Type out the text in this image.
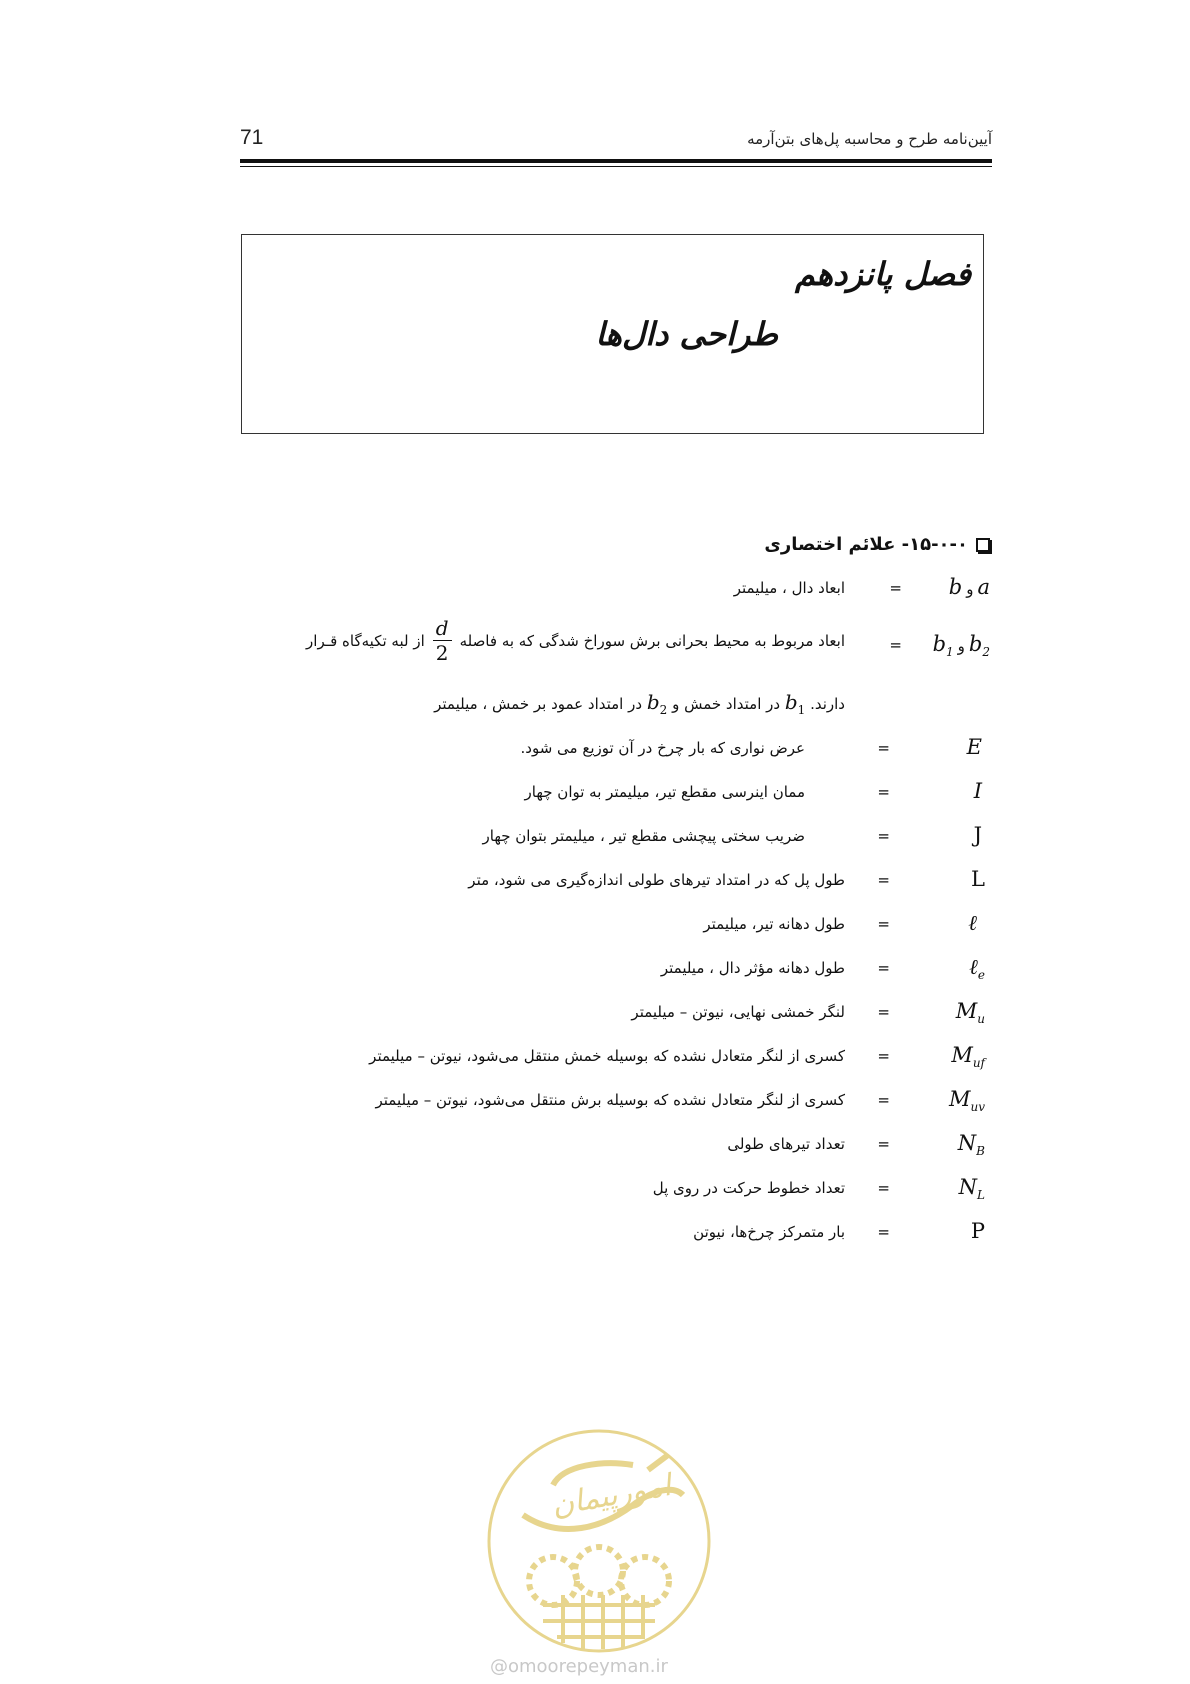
71	آیین‌نامه طرح و محاسبه پل‌های بتن‌آرمه
فصل پانزدهم
طراحی دال‌ها
۱۵-۰-۰- علائم اختصاری
b و a
=
ابعاد دال ، میلیمتر
$b_1$ و $b_2$
=
ابعاد مربوط به محیط بحرانی برش سوراخ شدگی که به فاصله
$\frac{d}{2}$
از لبه تکیه‌گاه قـرار
دارند. $b_1$ در امتداد خمش و $b_2$ در امتداد عمود بر خمش ، میلیمتر
E
=
عرض نواری که بار چرخ در آن توزیع می شود.
I
=
ممان اینرسی مقطع تیر، میلیمتر به توان چهار
J
=
ضریب سختی پیچشی مقطع تیر ، میلیمتر بتوان چهار
L
=
طول پل که در امتداد تیرهای طولی اندازه‌گیری می شود، متر
ℓ
=
طول دهانه تیر، میلیمتر
ℓ$_e$
=
طول دهانه مؤثر دال ، میلیمتر
$M_u$
=
لنگر خمشی نهایی، نیوتن – میلیمتر
$M_{uf}$
=
کسری از لنگر متعادل نشده که بوسیله خمش منتقل می‌شود، نیوتن – میلیمتر
$M_{uv}$
=
کسری از لنگر متعادل نشده که بوسیله برش منتقل می‌شود، نیوتن – میلیمتر
$N_B$
=
تعداد تیرهای طولی
$N_L$
=
تعداد خطوط حرکت در روی پل
P
=
بار متمرکز چرخ‌ها، نیوتن
امورپیمان
@omoorepeyman.ir
